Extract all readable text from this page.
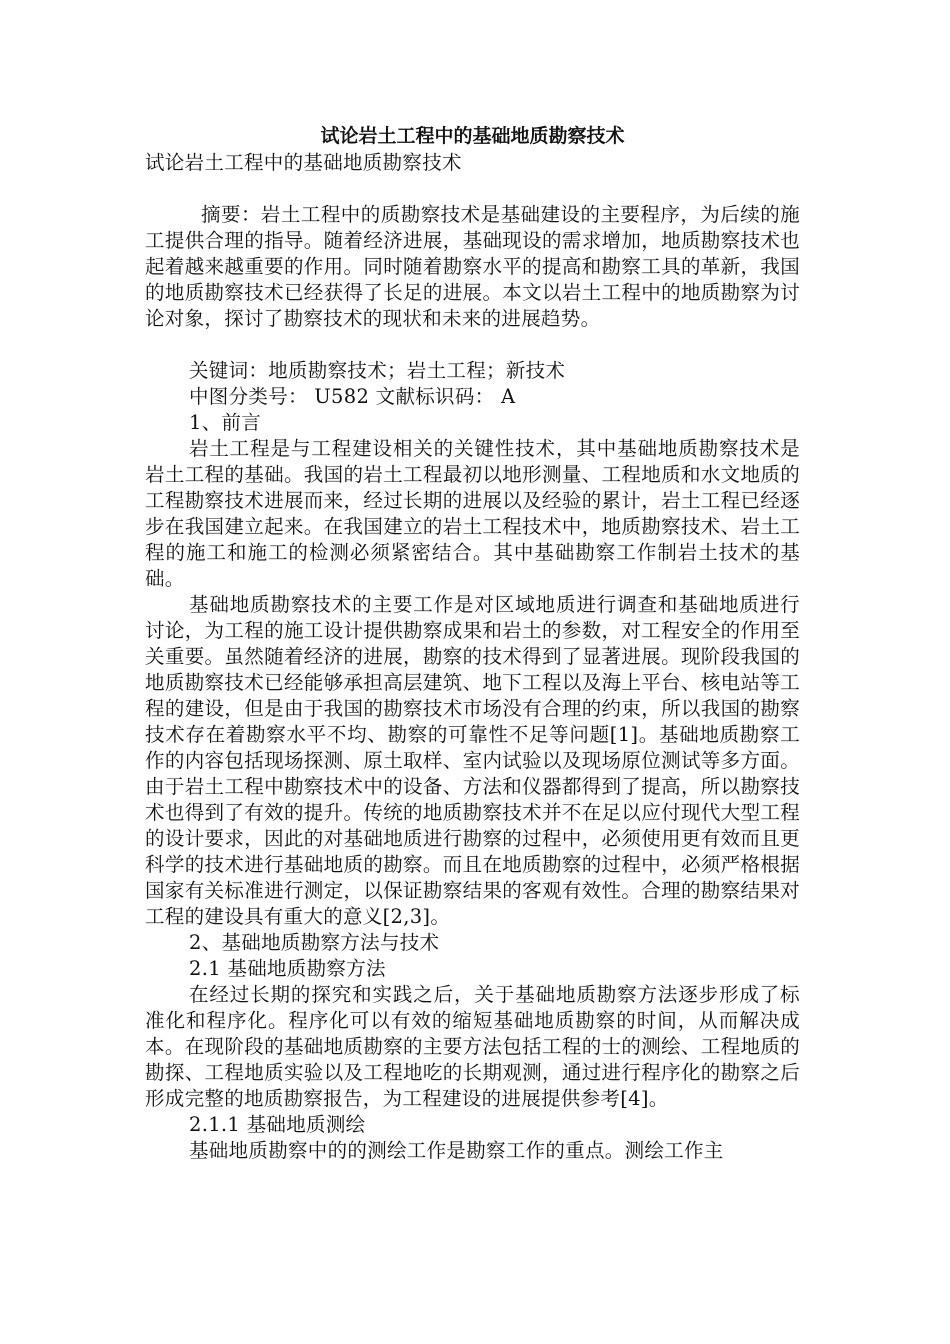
试论岩土工程中的基础地质勘察技术

试论岩土工程中的基础地质勘察技术

摘要：岩土工程中的质勘察技术是基础建设的主要程序，为后续的施工提供合理的指导。随着经济进展，基础现设的需求增加，地质勘察技术也起着越来越重要的作用。同时随着勘察水平的提高和勘察工具的革新，我国的地质勘察技术已经获得了长足的进展。本文以岩土工程中的地质勘察为讨论对象，探讨了勘察技术的现状和未来的进展趋势。

关键词：地质勘察技术；岩土工程；新技术

中图分类号： U582 文献标识码： A

1、前言

岩土工程是与工程建设相关的关键性技术，其中基础地质勘察技术是岩土工程的基础。我国的岩土工程最初以地形测量、工程地质和水文地质的工程勘察技术进展而来，经过长期的进展以及经验的累计，岩土工程已经逐步在我国建立起来。在我国建立的岩土工程技术中，地质勘察技术、岩土工程的施工和施工的检测必须紧密结合。其中基础勘察工作制岩土技术的基础。

基础地质勘察技术的主要工作是对区域地质进行调查和基础地质进行讨论，为工程的施工设计提供勘察成果和岩土的参数，对工程安全的作用至关重要。虽然随着经济的进展，勘察的技术得到了显著进展。现阶段我国的地质勘察技术已经能够承担高层建筑、地下工程以及海上平台、核电站等工程的建设，但是由于我国的勘察技术市场没有合理的约束，所以我国的勘察技术存在着勘察水平不均、勘察的可靠性不足等问题[1]。基础地质勘察工作的内容包括现场探测、原土取样、室内试验以及现场原位测试等多方面。由于岩土工程中勘察技术中的设备、方法和仪器都得到了提高，所以勘察技术也得到了有效的提升。传统的地质勘察技术并不在足以应付现代大型工程的设计要求，因此的对基础地质进行勘察的过程中，必须使用更有效而且更科学的技术进行基础地质的勘察。而且在地质勘察的过程中，必须严格根据国家有关标准进行测定，以保证勘察结果的客观有效性。合理的勘察结果对工程的建设具有重大的意义[2,3]。

2、基础地质勘察方法与技术

2.1 基础地质勘察方法

在经过长期的探究和实践之后，关于基础地质勘察方法逐步形成了标准化和程序化。程序化可以有效的缩短基础地质勘察的时间，从而解决成本。在现阶段的基础地质勘察的主要方法包括工程的士的测绘、工程地质的勘探、工程地质实验以及工程地吃的长期观测，通过进行程序化的勘察之后形成完整的地质勘察报告，为工程建设的进展提供参考[4]。

2.1.1 基础地质测绘

基础地质勘察中的的测绘工作是勘察工作的重点。测绘工作主
